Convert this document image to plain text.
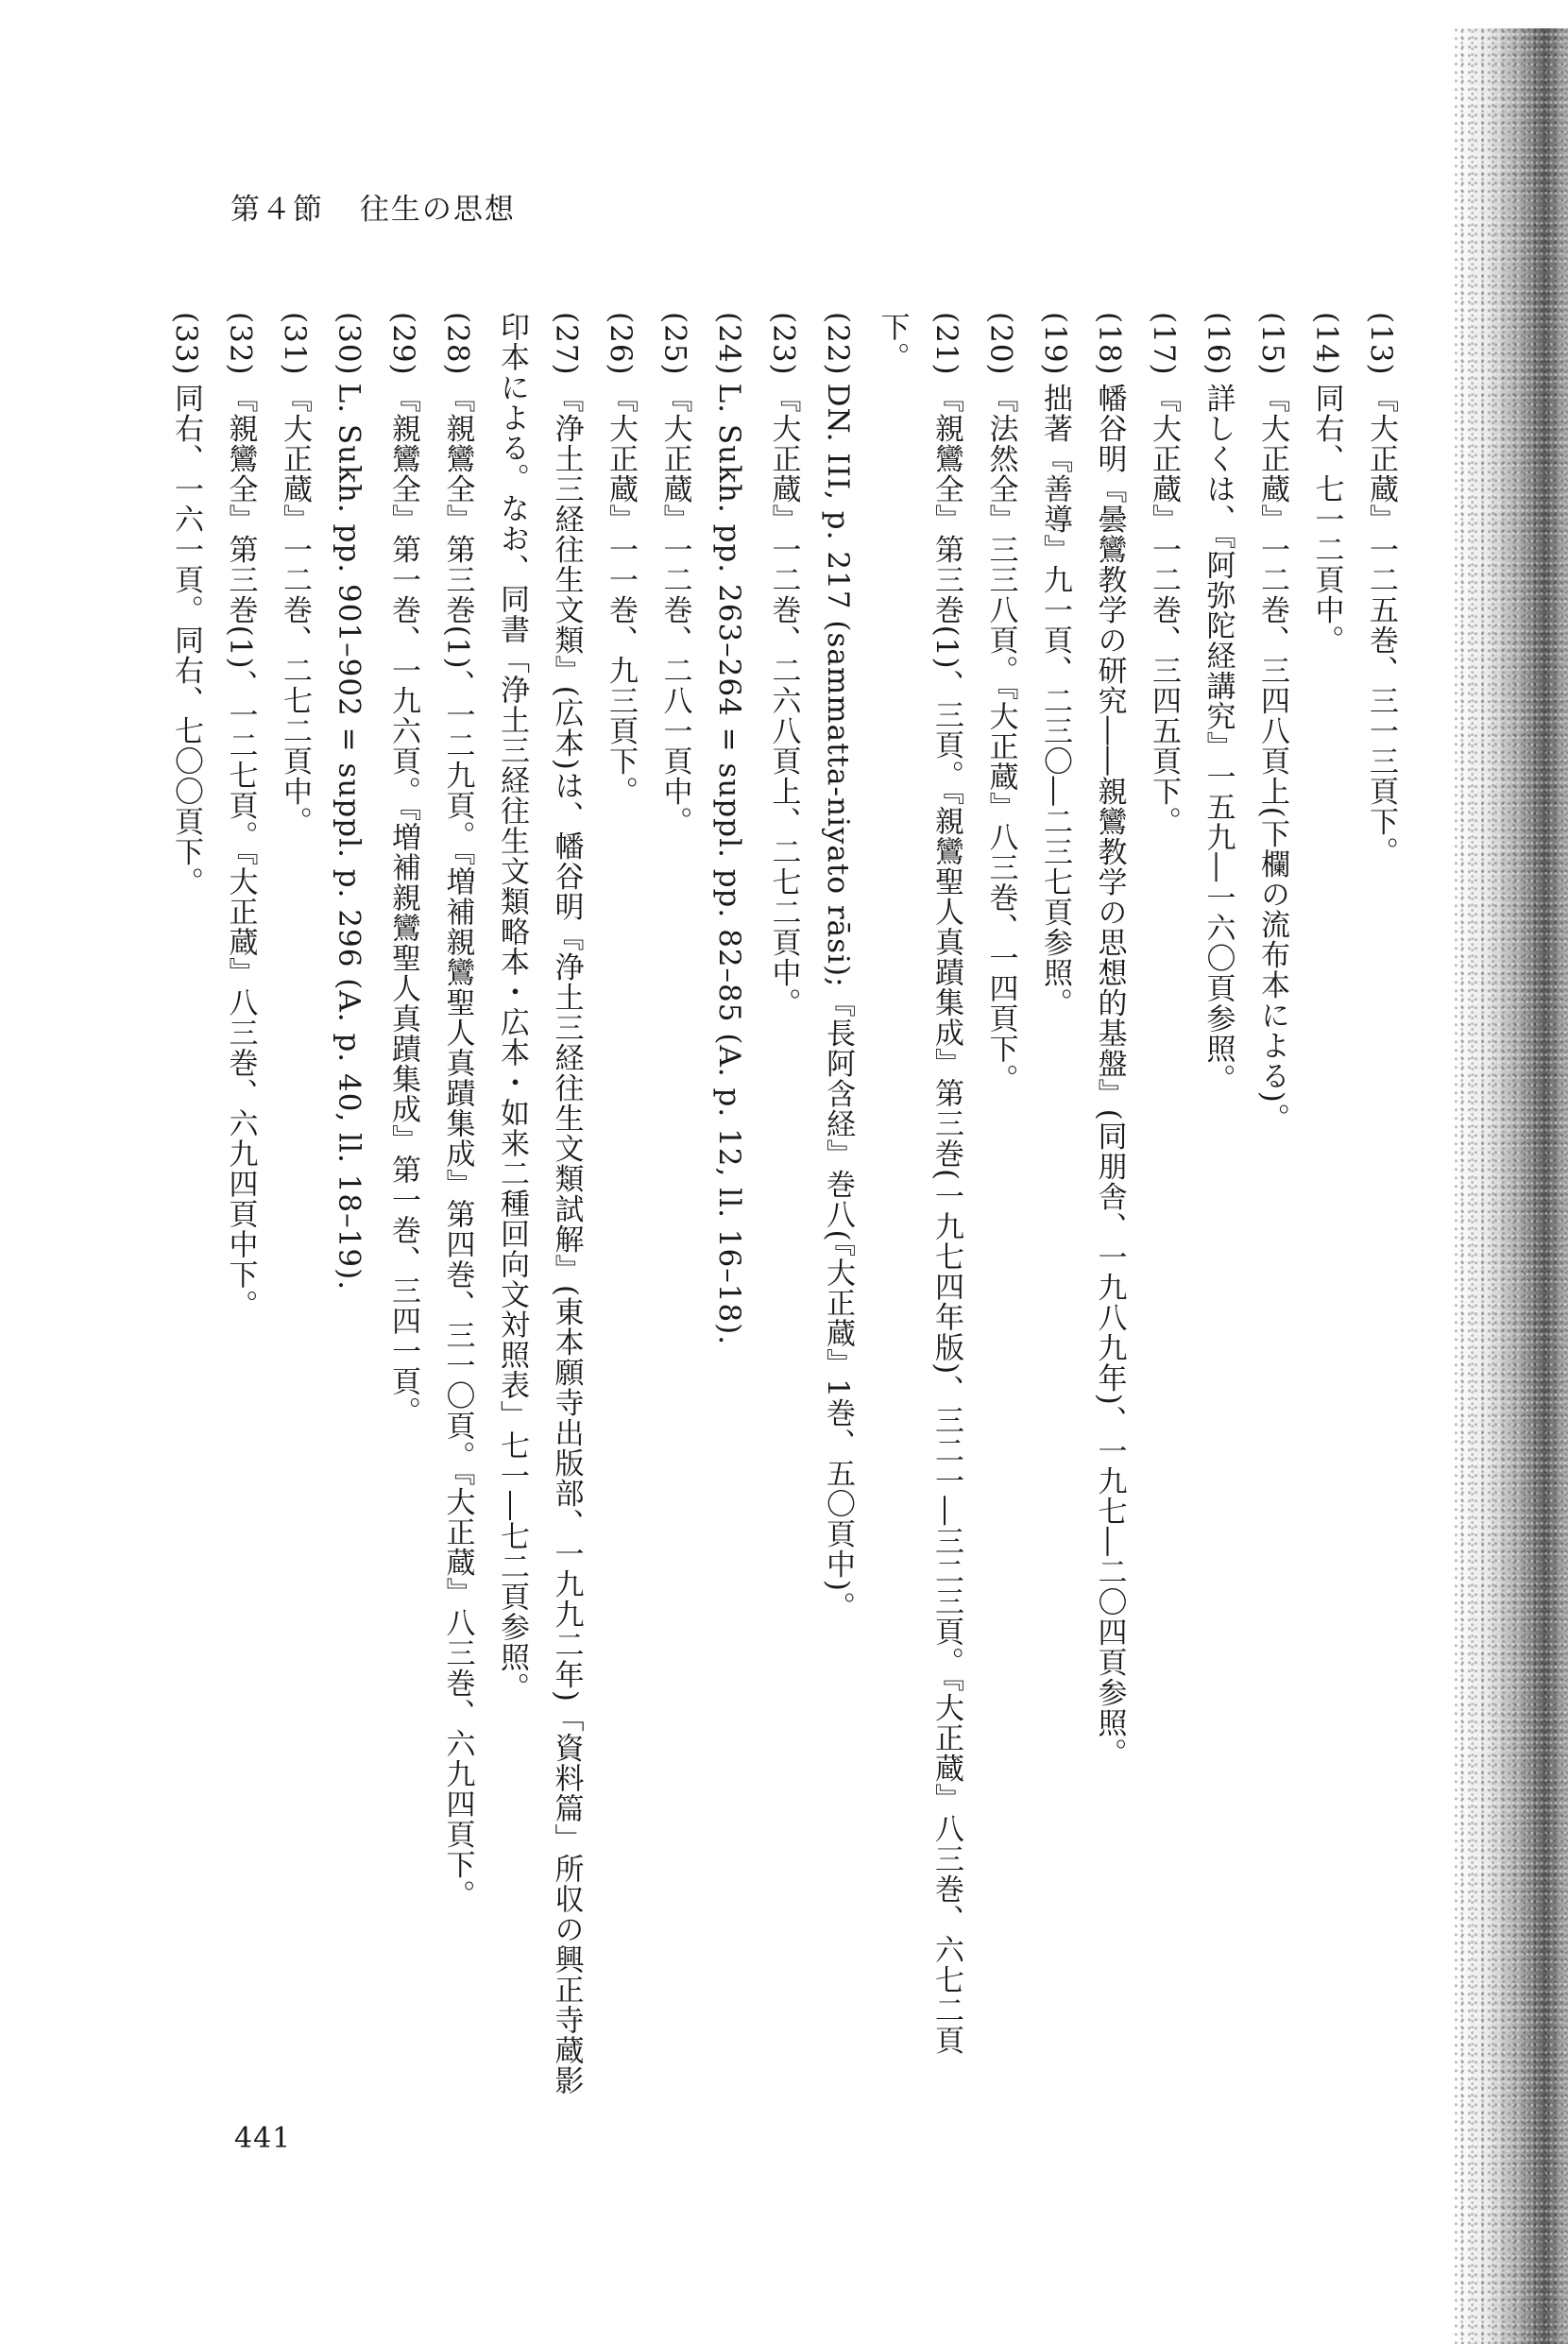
第４節 往生の思想

(13)『大正蔵』一二五巻、三一三頁下。

(14)同右、七一二頁中。

(15)『大正蔵』一二巻、三四八頁上(下欄の流布本による)。

(16)詳しくは、『阿弥陀経講究』一五九―一六〇頁参照。

(17)『大正蔵』一二巻、三四五頁下。

(18)幡谷明『曇鸞教学の研究――親鸞教学の思想的基盤』(同朋舎、一九八九年)、一九七―二〇四頁参照。

(19)拙著『善導』九一頁、二三〇―二三七頁参照。

(20)『法然全』三三八頁。『大正蔵』八三巻、一四頁下。

(21)『親鸞全』第三巻(1)、三頁。『親鸞聖人真蹟集成』第三巻(一九七四年版)、三二一―三二三頁。『大正蔵』八三巻、六七二頁下。

(22)DN. III, p. 217 (sammatta-niyato rāsi);『長阿含経』巻八(『大正蔵』1巻、五〇頁中)。

(23)『大正蔵』一二巻、二六八頁上、二七二頁中。

(24)L. Sukh. pp. 263–264 = suppl. pp. 82–85 (A. p. 12, ll. 16–18).

(25)『大正蔵』一二巻、二八一頁中。

(26)『大正蔵』一一巻、九三頁下。

(27)『浄土三経往生文類』(広本)は、幡谷明『浄土三経往生文類試解』(東本願寺出版部、一九九二年)「資料篇」所収の興正寺蔵影印本による。なお、同書「浄土三経往生文類略本・広本・如来二種回向文対照表」七一―七二頁参照。

(28)『親鸞全』第三巻(1)、一二九頁。『増補親鸞聖人真蹟集成』第四巻、三一〇頁。『大正蔵』八三巻、六九四頁下。

(29)『親鸞全』第一巻、一九六頁。『増補親鸞聖人真蹟集成』第一巻、三四一頁。

(30)L. Sukh. pp. 901–902 = suppl. p. 296 (A. p. 40, ll. 18–19).

(31)『大正蔵』一二巻、二七二頁中。

(32)『親鸞全』第三巻(1)、一二七頁。『大正蔵』八三巻、六九四頁中下。

(33)同右、一六一頁。同右、七〇〇頁下。

441
